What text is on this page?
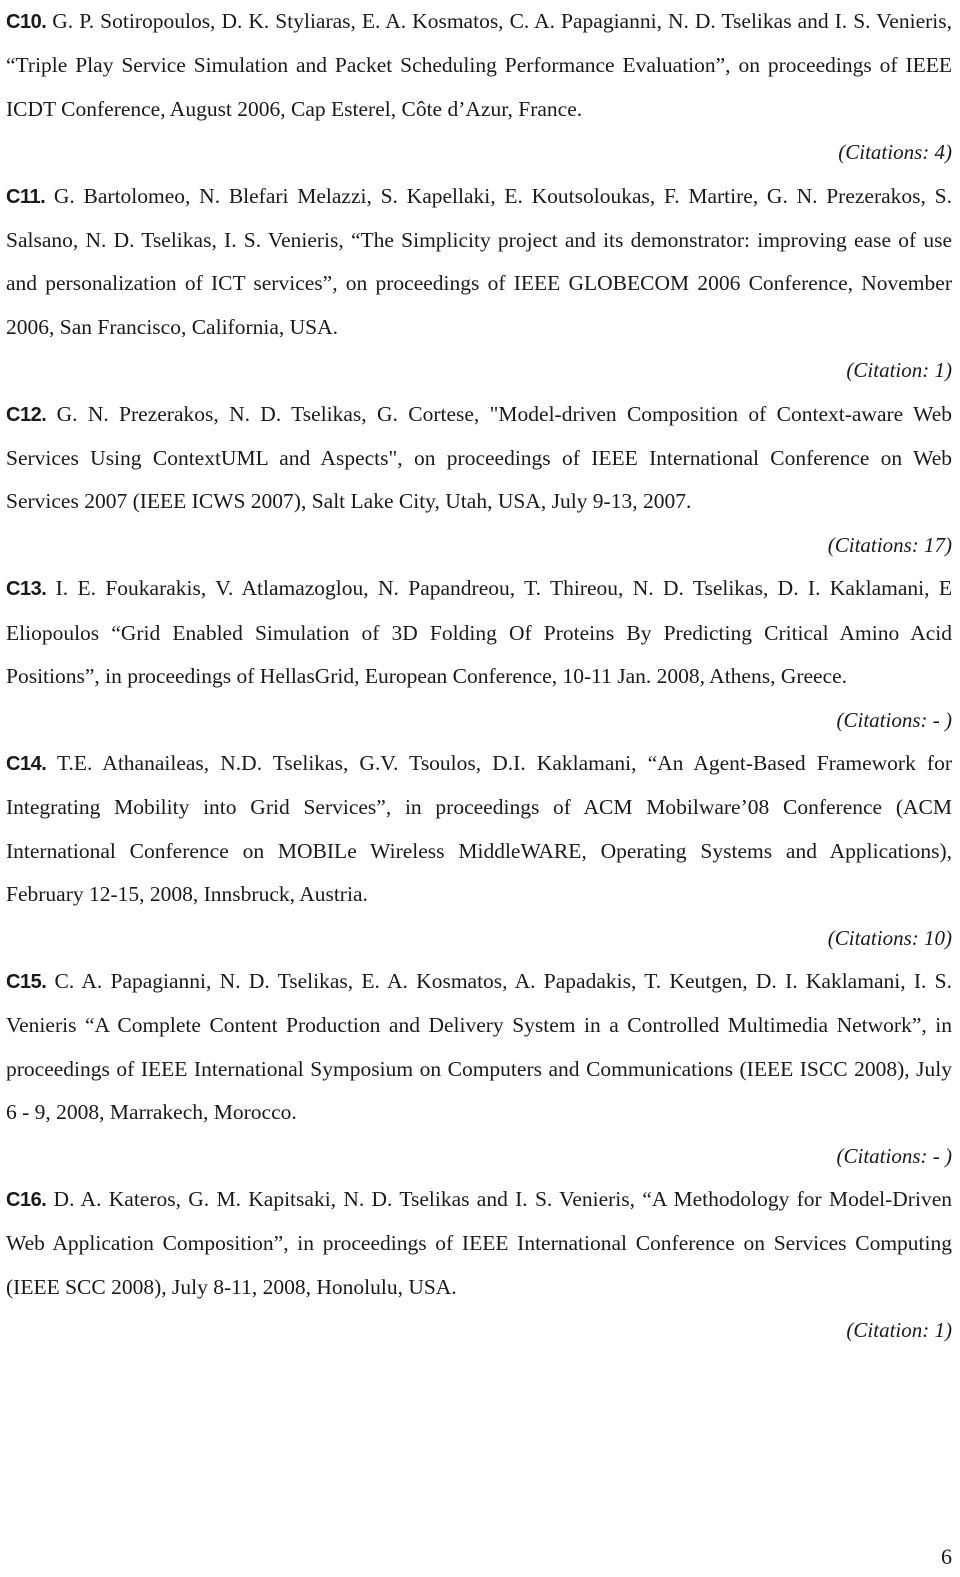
C10. G. P. Sotiropoulos, D. K. Styliaras, E. A. Kosmatos, C. A. Papagianni, N. D. Tselikas and I. S. Venieris, “Triple Play Service Simulation and Packet Scheduling Performance Evaluation”, on proceedings of IEEE ICDT Conference, August 2006, Cap Esterel, Côte d’Azur, France.

(Citations: 4)

C11. G. Bartolomeo, N. Blefari Melazzi, S. Kapellaki, E. Koutsoloukas, F. Martire, G. N. Prezerakos, S. Salsano, N. D. Tselikas, I. S. Venieris, “The Simplicity project and its demonstrator: improving ease of use and personalization of ICT services”, on proceedings of IEEE GLOBECOM 2006 Conference, November 2006, San Francisco, California, USA.

(Citation: 1)

C12. G. N. Prezerakos, N. D. Tselikas, G. Cortese, "Model-driven Composition of Context-aware Web Services Using ContextUML and Aspects", on proceedings of IEEE International Conference on Web Services 2007 (IEEE ICWS 2007), Salt Lake City, Utah, USA, July 9-13, 2007.

(Citations: 17)

C13. I. E. Foukarakis, V. Atlamazoglou, N. Papandreou, T. Thireou, N. D. Tselikas, D. I. Kaklamani, E Eliopoulos “Grid Enabled Simulation of 3D Folding Of Proteins By Predicting Critical Amino Acid Positions”, in proceedings of HellasGrid, European Conference, 10-11 Jan. 2008, Athens, Greece.

(Citations: - )

C14. T.E. Athanaileas, N.D. Tselikas, G.V. Tsoulos, D.I. Kaklamani, “An Agent-Based Framework for Integrating Mobility into Grid Services”, in proceedings of ACM Mobilware’08 Conference (ACM International Conference on MOBILe Wireless MiddleWARE, Operating Systems and Applications), February 12-15, 2008, Innsbruck, Austria.

(Citations: 10)

C15. C. A. Papagianni, N. D. Tselikas, E. A. Kosmatos, A. Papadakis, T. Keutgen, D. I. Kaklamani, I. S. Venieris “A Complete Content Production and Delivery System in a Controlled Multimedia Network”, in proceedings of IEEE International Symposium on Computers and Communications (IEEE ISCC 2008), July 6 - 9, 2008, Marrakech, Morocco.

(Citations: - )

C16. D. A. Kateros, G. M. Kapitsaki, N. D. Tselikas and I. S. Venieris, “A Methodology for Model-Driven Web Application Composition”, in proceedings of IEEE International Conference on Services Computing (IEEE SCC 2008), July 8-11, 2008, Honolulu, USA.

(Citation: 1)

6
